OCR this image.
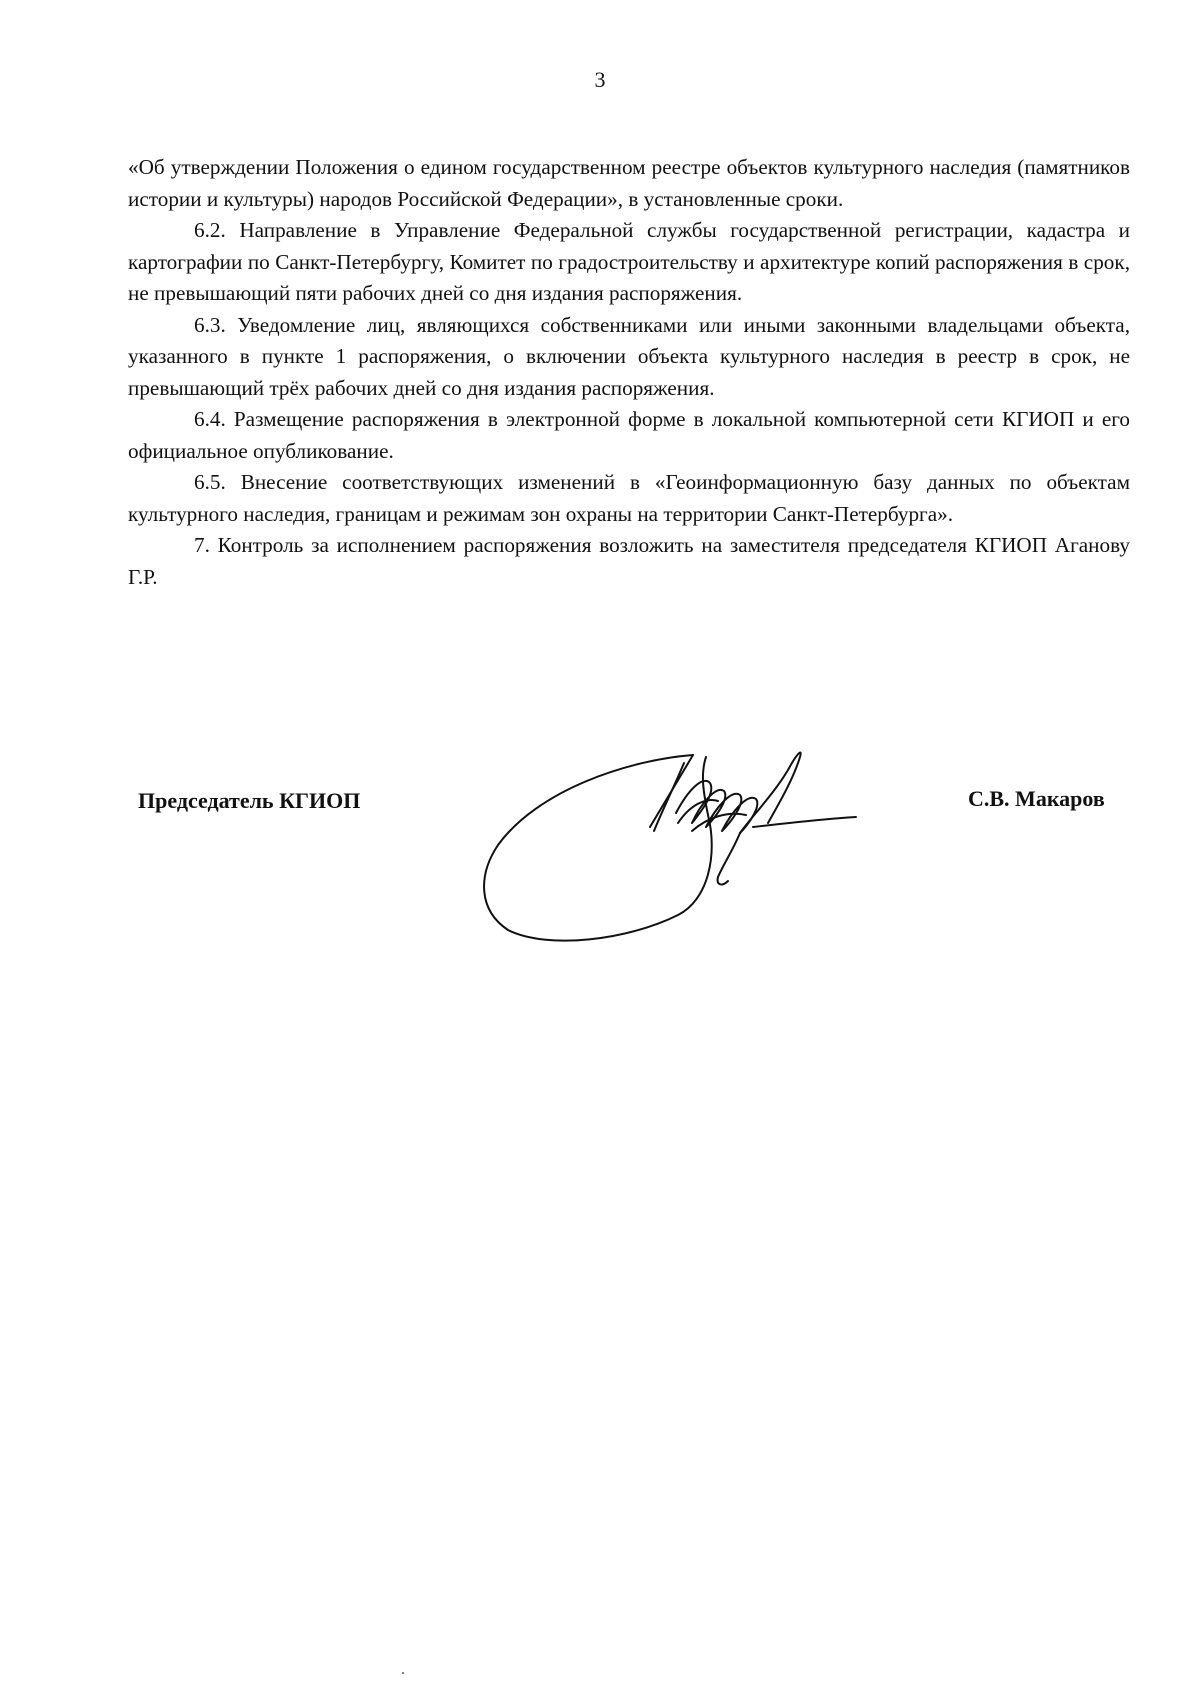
3

«Об утверждении Положения о едином государственном реестре объектов культурного наследия (памятников истории и культуры) народов Российской Федерации», в установленные сроки.

6.2. Направление в Управление Федеральной службы государственной регистрации, кадастра и картографии по Санкт-Петербургу, Комитет по градостроительству и архитектуре копий распоряжения в срок, не превышающий пяти рабочих дней со дня издания распоряжения.

6.3. Уведомление лиц, являющихся собственниками или иными законными владельцами объекта, указанного в пункте 1 распоряжения, о включении объекта культурного наследия в реестр в срок, не превышающий трёх рабочих дней со дня издания распоряжения.

6.4. Размещение распоряжения в электронной форме в локальной компьютерной сети КГИОП и его официальное опубликование.

6.5. Внесение соответствующих изменений в «Геоинформационную базу данных по объектам культурного наследия, границам и режимам зон охраны на территории Санкт-Петербурга».

7. Контроль за исполнением распоряжения возложить на заместителя председателя КГИОП Аганову Г.Р.

Председатель КГИОП	С.В. Макаров
